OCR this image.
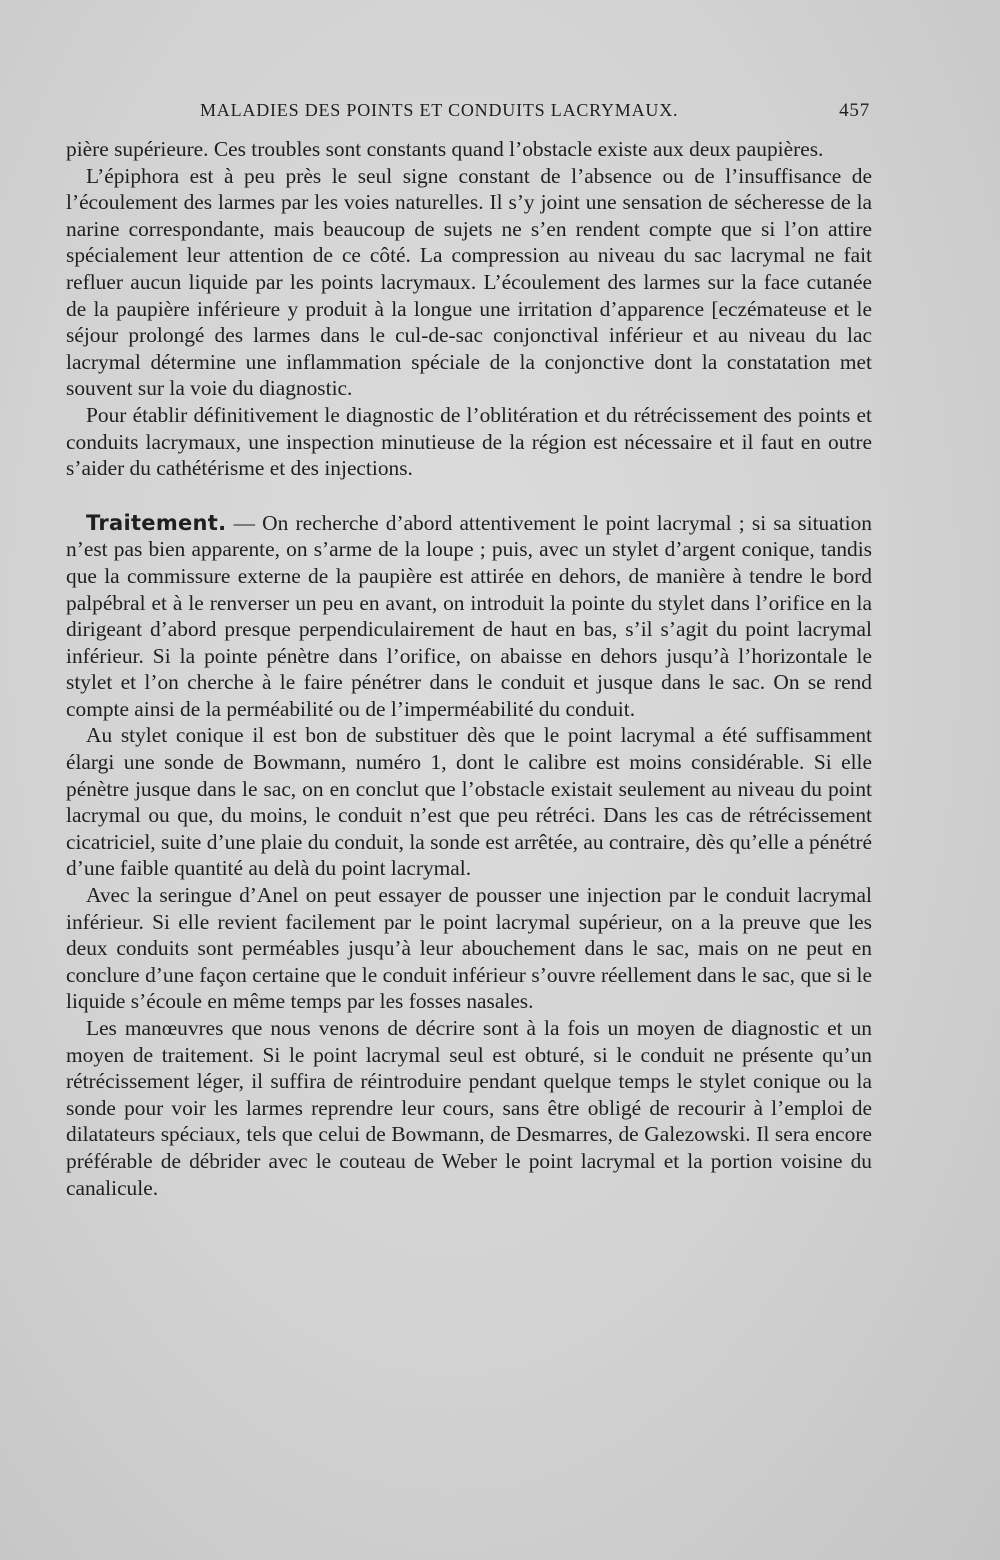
MALADIES DES POINTS ET CONDUITS LACRYMAUX.	457

pière supérieure. Ces troubles sont constants quand l’obstacle existe aux deux paupières.

L’épiphora est à peu près le seul signe constant de l’absence ou de l’insuffisance de l’écoulement des larmes par les voies naturelles. Il s’y joint une sensation de sécheresse de la narine correspondante, mais beaucoup de sujets ne s’en rendent compte que si l’on attire spécialement leur attention de ce côté. La compression au niveau du sac lacrymal ne fait refluer aucun liquide par les points lacrymaux. L’écoulement des larmes sur la face cutanée de la paupière inférieure y produit à la longue une irritation d’apparence [eczémateuse et le séjour prolongé des larmes dans le cul-de-sac conjonctival inférieur et au niveau du lac lacrymal détermine une inflammation spéciale de la conjonctive dont la constatation met souvent sur la voie du diagnostic.

Pour établir définitivement le diagnostic de l’oblitération et du rétrécissement des points et conduits lacrymaux, une inspection minutieuse de la région est nécessaire et il faut en outre s’aider du cathétérisme et des injections.

Traitement. — On recherche d’abord attentivement le point lacrymal ; si sa situation n’est pas bien apparente, on s’arme de la loupe ; puis, avec un stylet d’argent conique, tandis que la commissure externe de la paupière est attirée en dehors, de manière à tendre le bord palpébral et à le renverser un peu en avant, on introduit la pointe du stylet dans l’orifice en la dirigeant d’abord presque perpendiculairement de haut en bas, s’il s’agit du point lacrymal inférieur. Si la pointe pénètre dans l’orifice, on abaisse en dehors jusqu’à l’horizontale le stylet et l’on cherche à le faire pénétrer dans le conduit et jusque dans le sac. On se rend compte ainsi de la perméabilité ou de l’imperméabilité du conduit.

Au stylet conique il est bon de substituer dès que le point lacrymal a été suffisamment élargi une sonde de Bowmann, numéro 1, dont le calibre est moins considérable. Si elle pénètre jusque dans le sac, on en conclut que l’obstacle existait seulement au niveau du point lacrymal ou que, du moins, le conduit n’est que peu rétréci. Dans les cas de rétrécissement cicatriciel, suite d’une plaie du conduit, la sonde est arrêtée, au contraire, dès qu’elle a pénétré d’une faible quantité au delà du point lacrymal.

Avec la seringue d’Anel on peut essayer de pousser une injection par le conduit lacrymal inférieur. Si elle revient facilement par le point lacrymal supérieur, on a la preuve que les deux conduits sont perméables jusqu’à leur abouchement dans le sac, mais on ne peut en conclure d’une façon certaine que le conduit inférieur s’ouvre réellement dans le sac, que si le liquide s’écoule en même temps par les fosses nasales.

Les manœuvres que nous venons de décrire sont à la fois un moyen de diagnostic et un moyen de traitement. Si le point lacrymal seul est obturé, si le conduit ne présente qu’un rétrécissement léger, il suffira de réintroduire pendant quelque temps le stylet conique ou la sonde pour voir les larmes reprendre leur cours, sans être obligé de recourir à l’emploi de dilatateurs spéciaux, tels que celui de Bowmann, de Desmarres, de Galezowski. Il sera encore préférable de débrider avec le couteau de Weber le point lacrymal et la portion voisine du canalicule.
